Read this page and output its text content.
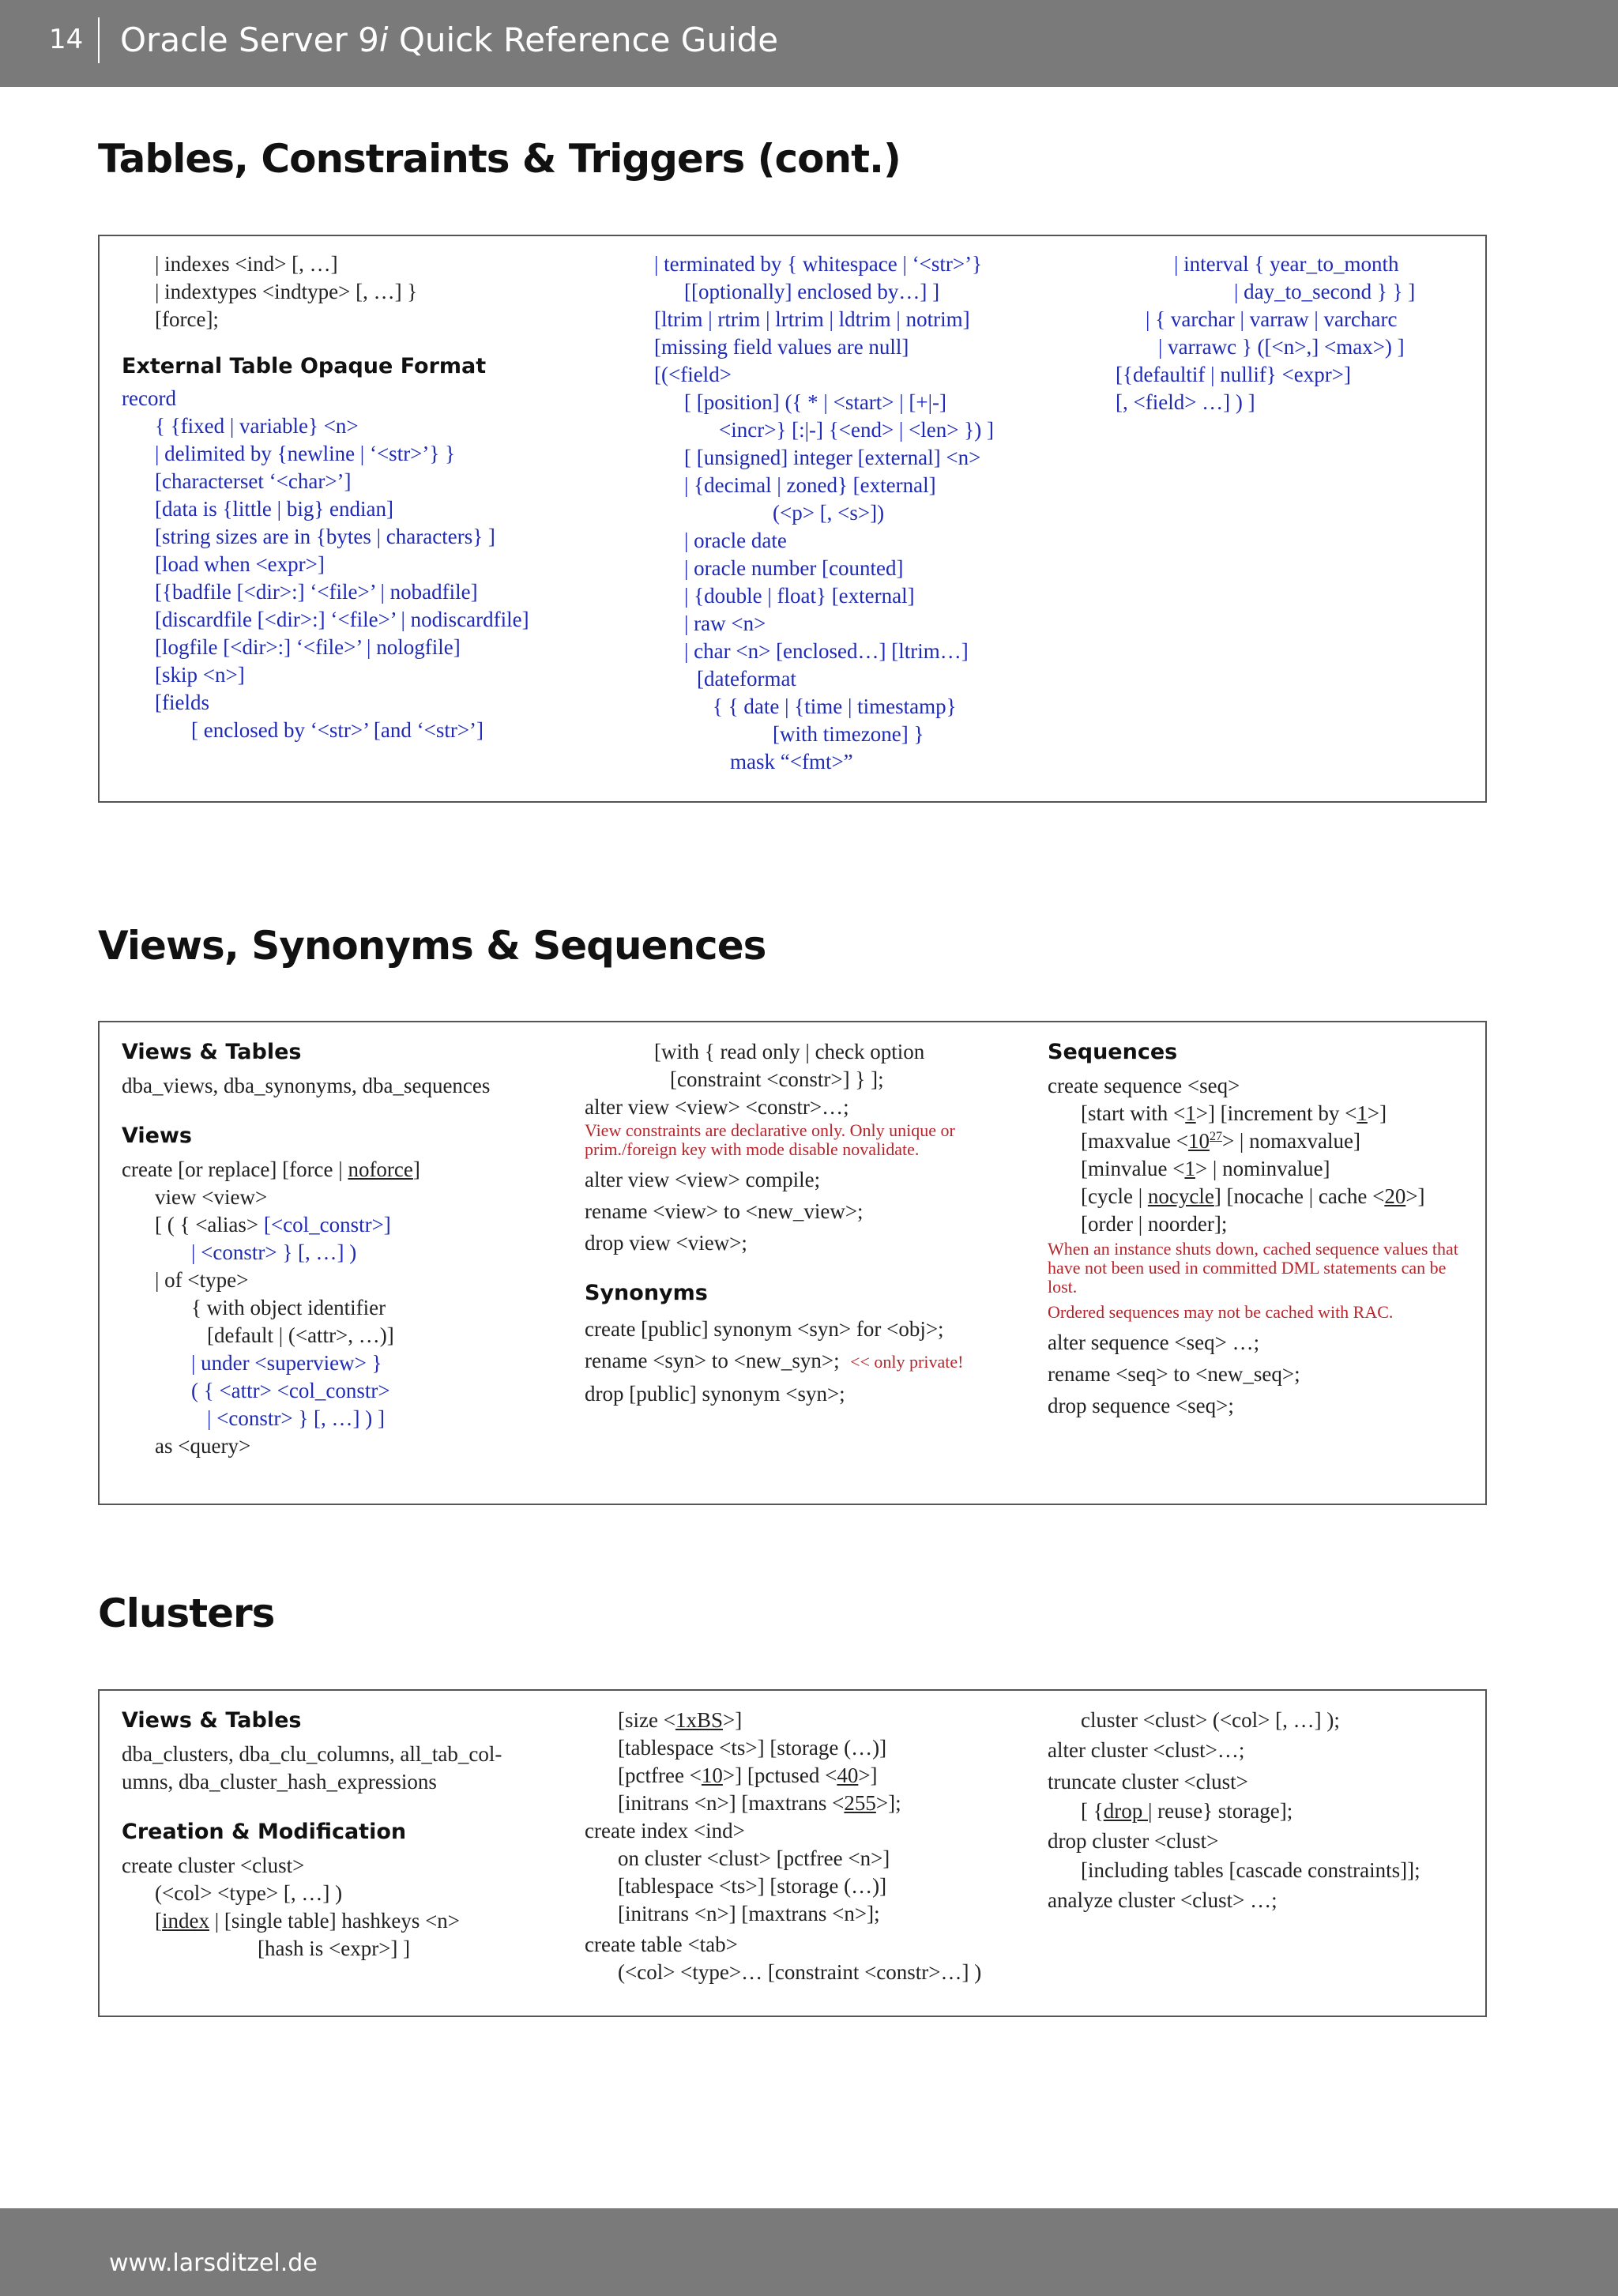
14 Oracle Server 9i Quick Reference Guide
Tables, Constraints & Triggers (cont.)
| indexes <ind> [, …]
| indextypes <indtype> [, …] }
[force];
External Table Opaque Format
record
{ {fixed | variable} <n>
| delimited by {newline | ‘<str>’} }
[characterset ‘<char>’]
[data is {little | big} endian]
[string sizes are in {bytes | characters} ]
[load when <expr>]
[{badfile [<dir>:] ‘<file>’ | nobadfile]
[discardfile [<dir>:] ‘<file>’ | nodiscardfile]
[logfile [<dir>:] ‘<file>’ | nologfile]
[skip <n>]
[fields
[ enclosed by ‘<str>’ [and ‘<str>’]
| terminated by { whitespace | ‘<str>’}
[[optionally] enclosed by…] ]
[ltrim | rtrim | lrtrim | ldtrim | notrim]
[missing field values are null]
[(<field>
[ [position] ({ * | <start> | [+|-]
<incr>} [:|-] {<end> | <len> }) ]
[ [unsigned] integer [external] <n>
| {decimal | zoned} [external]
(<p> [, <s>])
| oracle date
| oracle number [counted]
| {double | float} [external]
| raw <n>
| char <n> [enclosed…] [ltrim…]
[dateformat
{ { date | {time | timestamp}
[with timezone] }
mask “<fmt>”
| interval { year_to_month
| day_to_second } } ]
| { varchar | varraw | varcharc
| varrawc } ([<n>,] <max>) ]
[{defaultif | nullif} <expr>]
[, <field> …] ) ]
Views, Synonyms & Sequences
Views & Tables
dba_views, dba_synonyms, dba_sequences
Views
create [or replace] [force | noforce]
view <view>
[ ( { <alias> [<col_constr>]
| <constr> } [, …] )
| of <type>
{ with object identifier
[default | (<attr>, …)]
| under <superview> }
( { <attr> <col_constr>
| <constr> } [, …] ) ]
as <query>
[with { read only | check option
[constraint <constr>] } ];
alter view <view> <constr>…;
View constraints are declarative only. Only unique or prim./foreign key with mode disable novalidate.
alter view <view> compile;
rename <view> to <new_view>;
drop view <view>;
Synonyms
create [public] synonym <syn> for <obj>;
rename <syn> to <new_syn>; << only private!
drop [public] synonym <syn>;
Sequences
create sequence <seq>
[start with <1>] [increment by <1>]
[maxvalue $<10^{27}>$ | nomaxvalue]
[minvalue <1> | nominvalue]
[cycle | nocycle] [nocache | cache <20>]
[order | noorder];
When an instance shuts down, cached sequence values that have not been used in committed DML statements can be lost.
Ordered sequences may not be cached with RAC.
alter sequence <seq> …;
rename <seq> to <new_seq>;
drop sequence <seq>;
Clusters
Views & Tables
dba_clusters, dba_clu_columns, all_tab_col-
umns, dba_cluster_hash_expressions
Creation & Modification
create cluster <clust>
(<col> <type> [, …] )
[index | [single table] hashkeys <n>
[hash is <expr>] ]
[size <1xBS>]
[tablespace <ts>] [storage (…)]
[pctfree <10>] [pctused <40>]
[initrans <n>] [maxtrans <255>];
create index <ind>
on cluster <clust> [pctfree <n>]
[tablespace <ts>] [storage (…)]
[initrans <n>] [maxtrans <n>];
create table <tab>
(<col> <type>… [constraint <constr>…] )
cluster <clust> (<col> [, …] );
alter cluster <clust>…;
truncate cluster <clust>
[ {drop | reuse} storage];
drop cluster <clust>
[including tables [cascade constraints]];
analyze cluster <clust> …;
www.larsditzel.de
